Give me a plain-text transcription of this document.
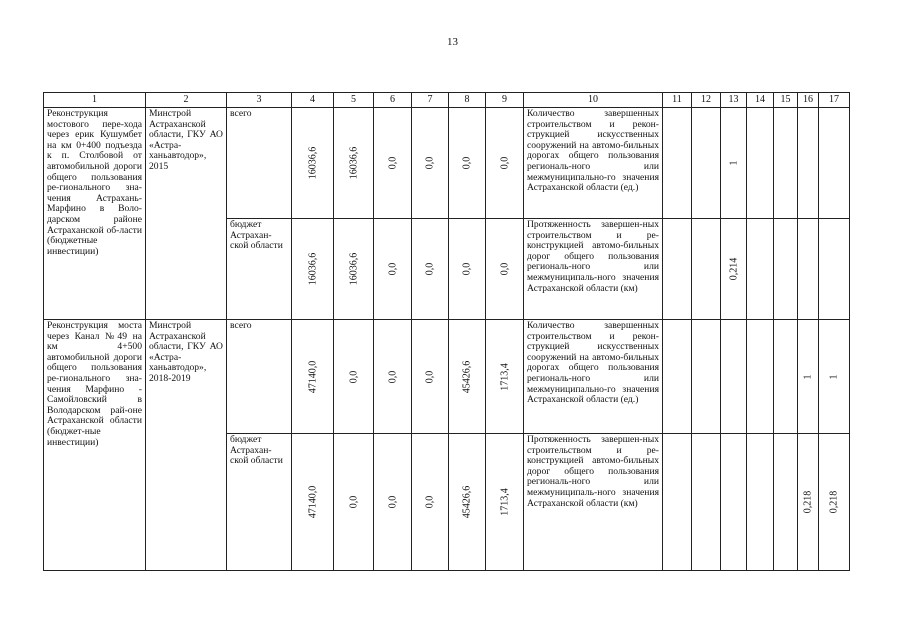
13
1	2	3	4	5	6	7	8	9	10	11	12	13	14	15	16	17
Реконструкция мостового пере-хода через ерик Кушумбет на км 0+400 подъезда к п. Столбовой от автомобильной дороги общего пользования ре-гионального зна-чения Астрахань-Марфино в Воло-дарском районе Астраханской об-ласти (бюджетные инвестиции)	Минстрой Астраханской области, ГКУ АО «Астра-ханьавтодор», 2015	всего	16036,6	16036,6	0,0	0,0	0,0	0,0	Количество завершенных строительством и рекон-струкцией искусственных сооружений на автомо-бильных дорогах общего пользования региональ-ного или межмуниципально-го значения Астраханской области (ед.)			1				

		бюджет Астрахан-ской области	16036,6	16036,6	0,0	0,0	0,0	0,0	Протяженность завершен-ных строительством и ре-конструкцией автомо-бильных дорог общего пользования региональ-ного или межмуниципаль-ного значения Астраханской области (км)			0,214				

Реконструкция моста через Канал №49 на км 4+500 автомобильной дороги общего пользования ре-гионального зна-чения Марфино - Самойловский в Володарском рай-оне Астраханской области (бюджет-ные инвестиции)	Минстрой Астраханской области, ГКУ АО «Астра-ханьавтодор», 2018-2019	всего	47140,0	0,0	0,0	0,0	45426,6	1713,4	Количество завершенных строительством и рекон-струкцией искусственных сооружений на автомо-бильных дорогах общего пользования региональ-ного или межмуниципально-го значения Астраханской области (ед.)						1	1

		бюджет Астрахан-ской области	47140,0	0,0	0,0	0,0	45426,6	1713,4	Протяженность завершен-ных строительством и ре-конструкцией автомо-бильных дорог общего пользования региональ-ного или межмуниципаль-ного значения Астраханской области (км)						0,218	0,218
